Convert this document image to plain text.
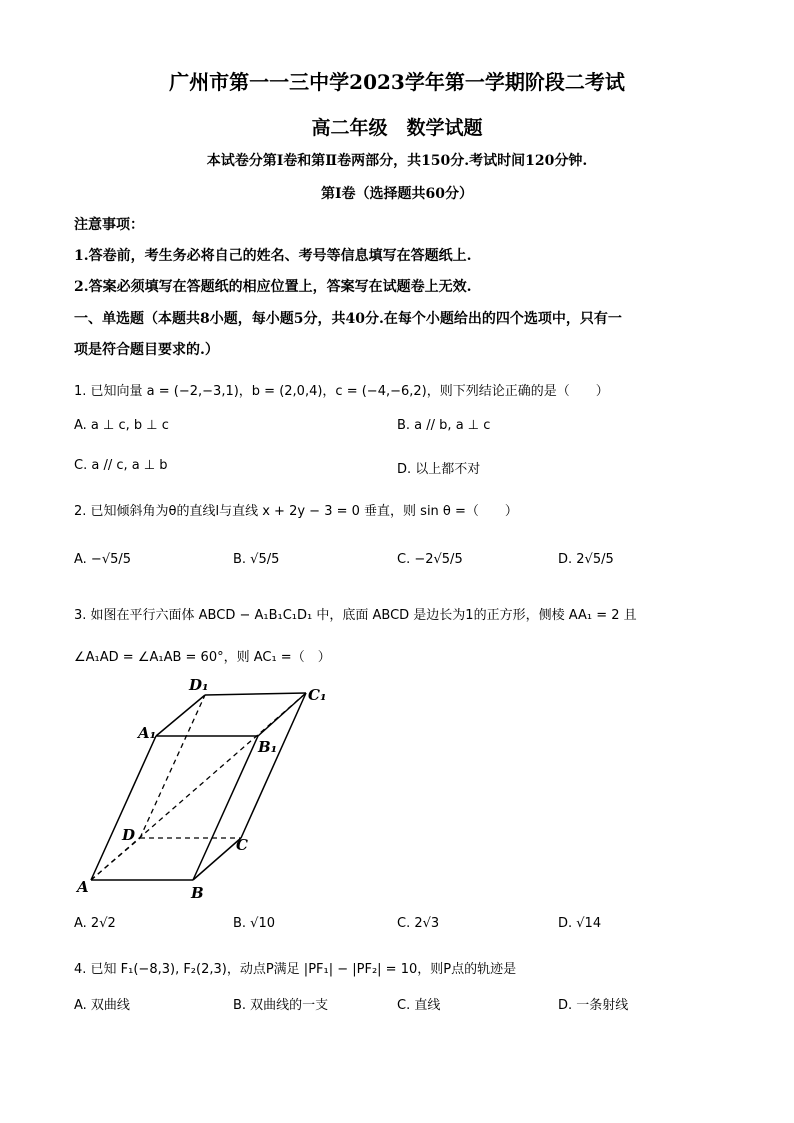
广州市第一一三中学2023学年第一学期阶段二考试
高二年级　数学试题
本试卷分第Ⅰ卷和第Ⅱ卷两部分，共150分.考试时间120分钟.
第Ⅰ卷（选择题共60分）
注意事项：
1.答卷前，考生务必将自己的姓名、考号等信息填写在答题纸上.
2.答案必须填写在答题纸的相应位置上，答案写在试题卷上无效.
一、单选题（本题共8小题，每小题5分，共40分.在每个小题给出的四个选项中，只有一
项是符合题目要求的.）
1. 已知向量 a = (−2,−3,1)，b = (2,0,4)，c = (−4,−6,2)，则下列结论正确的是（　　）
A. a ⊥ c, b ⊥ c	B. a // b, a ⊥ c
C. a // c, a ⊥ b	D. 以上都不对
2. 已知倾斜角为θ的直线l与直线 x + 2y − 3 = 0 垂直，则 sin θ =（　　）
A. −√5/5	B. √5/5	C. −2√5/5	D. 2√5/5
3. 如图在平行六面体 ABCD − A₁B₁C₁D₁ 中，底面 ABCD 是边长为1的正方形，侧棱 AA₁ = 2 且
∠A₁AD = ∠A₁AB = 60°，则 AC₁ =（　）
D₁
C₁
A₁
B₁
D
C
A	B
A. 2√2	B. √10	C. 2√3	D. √14
4. 已知 F₁(−8,3), F₂(2,3)，动点P满足 |PF₁| − |PF₂| = 10，则P点的轨迹是
A. 双曲线	B. 双曲线的一支	C. 直线	D. 一条射线
